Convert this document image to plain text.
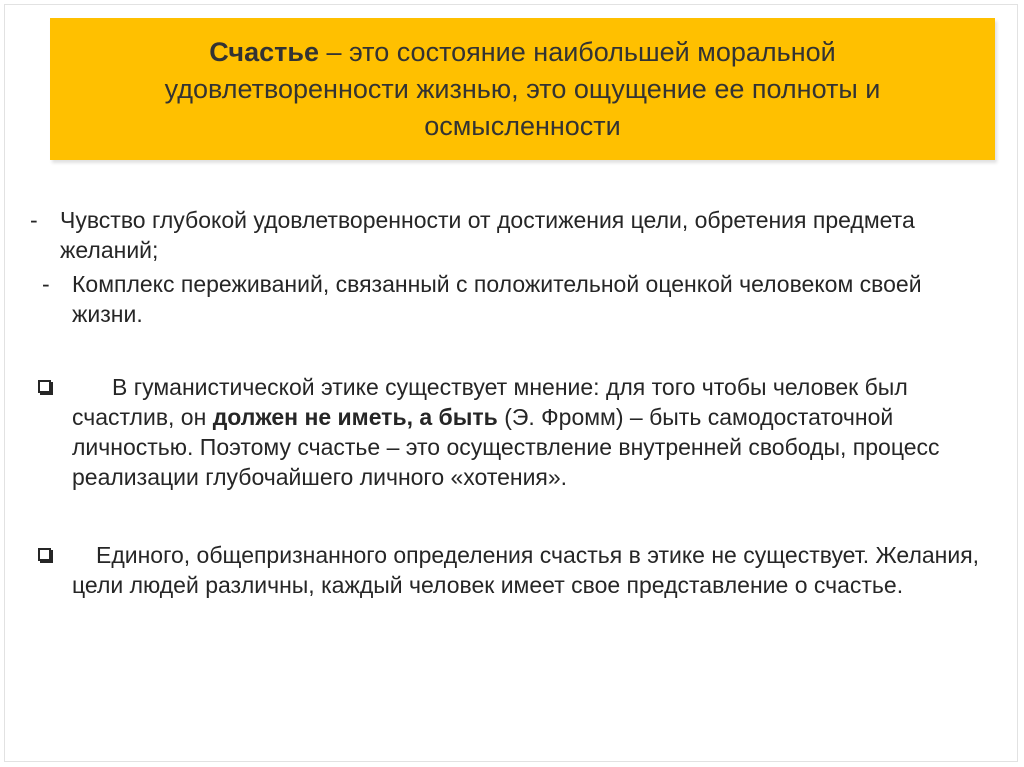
Счастье – это состояние наибольшей моральной удовлетворенности жизнью, это ощущение ее полноты и осмысленности
- Чувство глубокой удовлетворенности от достижения цели, обретения предмета желаний;
- Комплекс переживаний, связанный с положительной оценкой человеком своей жизни.
В гуманистической этике существует мнение: для того чтобы человек был счастлив, он должен не иметь, а быть (Э. Фромм) – быть самодостаточной личностью. Поэтому счастье – это осуществление внутренней свободы, процесс реализации глубочайшего личного «хотения».
Единого, общепризнанного определения счастья в этике не существует. Желания, цели людей различны, каждый человек имеет свое представление о счастье.
